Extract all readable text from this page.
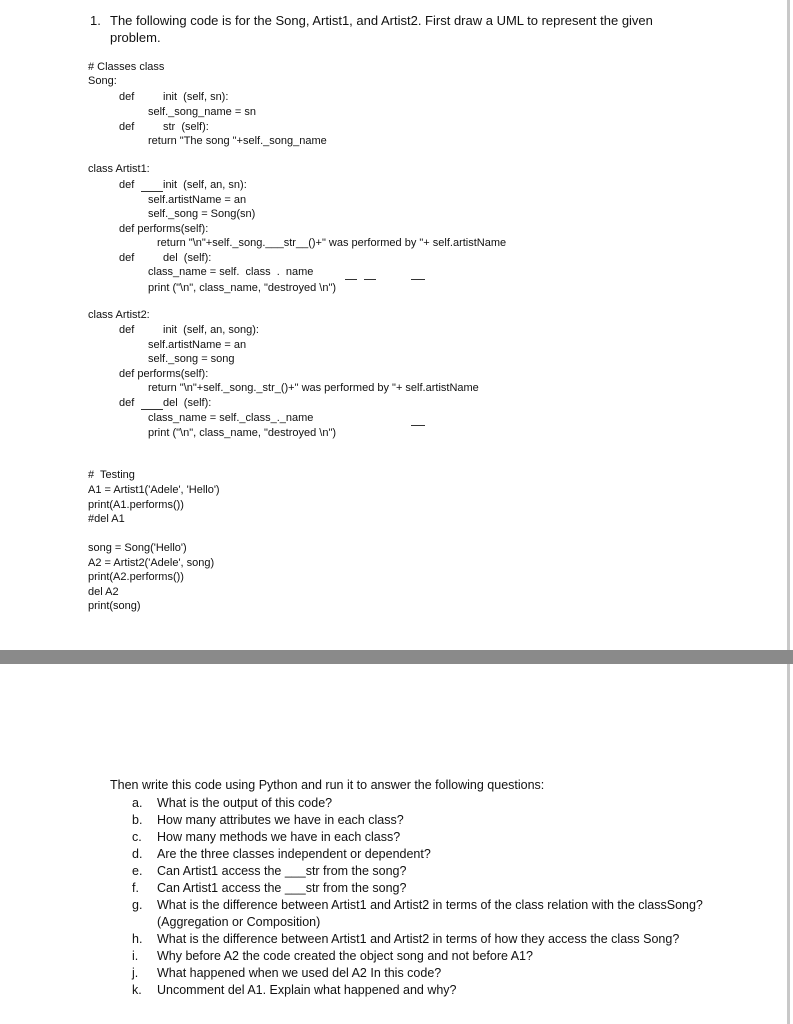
1. The following code is for the Song, Artist1, and Artist2. First draw a UML to represent the given problem.
# Classes class
Song:
def	init  (self, sn):
self._song_name = sn
def	str  (self):
return "The song "+self._song_name
class Artist1:
def	init  (self, an, sn):
self.artistName = an
self._song = Song(sn)
def performs(self):
return "\n"+self._song.___str__()+" was performed by "+ self.artistName
def	del  (self):
class_name = self.  class  .  name
print ("\n", class_name, "destroyed \n")
class Artist2:
def	init  (self, an, song):
self.artistName = an
self._song = song
def performs(self):
return "\n"+self._song._str_()+" was performed by "+ self.artistName
def	del  (self):
class_name = self._class_._name
print ("\n", class_name, "destroyed \n")
#  Testing
A1 = Artist1('Adele', 'Hello')
print(A1.performs())
#del A1
song = Song('Hello')
A2 = Artist2('Adele', song)
print(A2.performs())
del A2
print(song)
Then write this code using Python and run it to answer the following questions:
a. What is the output of this code?
b. How many attributes we have in each class?
c. How many methods we have in each class?
d. Are the three classes independent or dependent?
e. Can Artist1 access the ___str from the song?
f. Can Artist1 access the ___str from the song?
g. What is the difference between Artist1 and Artist2 in terms of the class relation with the classSong? (Aggregation or Composition)
h. What is the difference between Artist1 and Artist2 in terms of how they access the class Song?
i. Why before A2 the code created the object song and not before A1?
j. What happened when we used del A2 In this code?
k. Uncomment del A1. Explain what happened and why?
